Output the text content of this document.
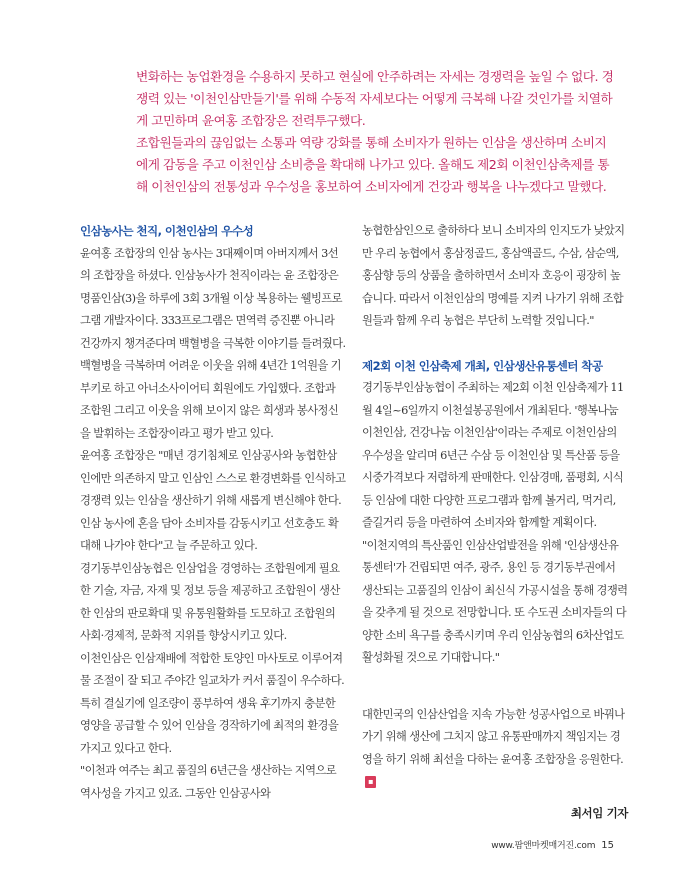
변화하는 농업환경을 수용하지 못하고 현실에 안주하려는 자세는 경쟁력을 높일 수 없다. 경쟁력 있는 '이천인삼만들기'를 위해 수동적 자세보다는 어떻게 극복해 나갈 것인가를 치열하게 고민하며 윤여홍 조합장은 전력투구했다.

조합원들과의 끊임없는 소통과 역량 강화를 통해 소비자가 원하는 인삼을 생산하며 소비지에게 감동을 주고 이천인삼 소비층을 확대해 나가고 있다. 올해도 제2회 이천인삼축제를 통해 이천인삼의 전통성과 우수성을 홍보하여 소비자에게 건강과 행복을 나누겠다고 말했다.

인삼농사는 천직, 이천인삼의 우수성

윤여홍 조합장의 인삼 농사는 3대째이며 아버지께서 3선의 조합장을 하셨다. 인삼농사가 천직이라는 윤 조합장은 명품인삼(3)을 하루에 3회 3개월 이상 복용하는 웰빙프로그램 개발자이다. 333프로그램은 면역력 증진뿐 아니라 건강까지 챙겨준다며 백혈병을 극복한 이야기를 들려줬다. 백혈병을 극복하며 어려운 이웃을 위해 4년간 1억원을 기부키로 하고 아너소사이어티 회원에도 가입했다. 조합과 조합원 그리고 이웃을 위해 보이지 않은 희생과 봉사정신을 발휘하는 조합장이라고 평가 받고 있다.

윤여홍 조합장은 "매년 경기침체로 인삼공사와 농협한삼인에만 의존하지 말고 인삼인 스스로 환경변화를 인식하고 경쟁력 있는 인삼을 생산하기 위해 새롭게 변신해야 한다. 인삼 농사에 혼을 담아 소비자를 감동시키고 선호층도 확대해 나가야 한다"고 늘 주문하고 있다.

경기동부인삼농협은 인삼업을 경영하는 조합원에게 필요한 기술, 자금, 자재 및 정보 등을 제공하고 조합원이 생산한 인삼의 판로확대 및 유통원활화를 도모하고 조합원의 사회·경제적, 문화적 지위를 향상시키고 있다.

이천인삼은 인삼재배에 적합한 토양인 마사토로 이루어져 물 조절이 잘 되고 주야간 일교차가 커서 품질이 우수하다. 특히 결실기에 일조량이 풍부하여 생육 후기까지 충분한 영양을 공급할 수 있어 인삼을 경작하기에 최적의 환경을 가지고 있다고 한다.

"이천과 여주는 최고 품질의 6년근을 생산하는 지역으로 역사성을 가지고 있죠. 그동안 인삼공사와

농협한삼인으로 출하하다 보니 소비자의 인지도가 낮았지만 우리 농협에서 홍삼정골드, 홍삼액골드, 수삼, 삼순액, 홍삼향 등의 상품을 출하하면서 소비자 호응이 굉장히 높습니다. 따라서 이천인삼의 명예를 지켜 나가기 위해 조합원들과 함께 우리 농협은 부단히 노력할 것입니다."

제2회 이천 인삼축제 개최, 인삼생산유통센터 착공

경기동부인삼농협이 주최하는 제2회 이천 인삼축제가 11월 4일~6일까지 이천설봉공원에서 개최된다. '행복나눔 이천인삼, 건강나눔 이천인삼'이라는 주제로 이천인삼의 우수성을 알리며 6년근 수삼 등 이천인삼 및 특산품 등을 시중가격보다 저렴하게 판매한다. 인삼경매, 품평회, 시식 등 인삼에 대한 다양한 프로그램과 함께 볼거리, 먹거리, 즐길거리 등을 마련하여 소비자와 함께할 계획이다.

"이천지역의 특산품인 인삼산업발전을 위해 '인삼생산유통센터'가 건립되면 여주, 광주, 용인 등 경기동부권에서 생산되는 고품질의 인삼이 최신식 가공시설을 통해 경쟁력을 갖추게 될 것으로 전망합니다. 또 수도권 소비자들의 다양한 소비 욕구를 충족시키며 우리 인삼농협의 6차산업도 활성화될 것으로 기대합니다."

대한민국의 인삼산업을 지속 가능한 성공사업으로 바꿔나가기 위해 생산에 그치지 않고 유통판매까지 책임지는 경영을 하기 위해 최선을 다하는 윤여홍 조합장을 응원한다.▪

최서임 기자
www.팜앤마켓매거진.com 15
